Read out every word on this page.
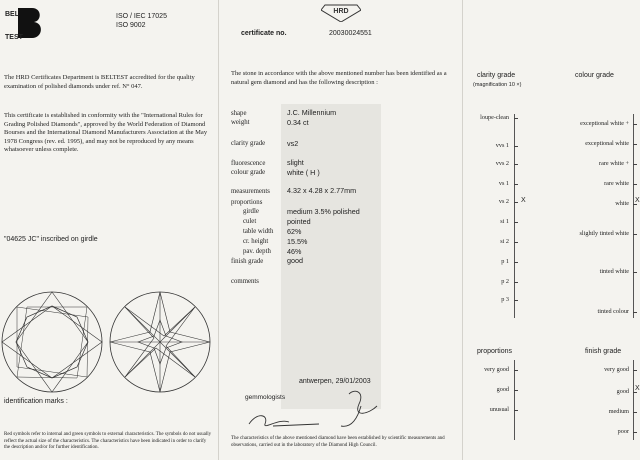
BEL
TEST
ISO / IEC 17025
ISO 9002
The HRD Certificates Department is BELTEST accredited for the quality examination of polished diamonds under ref. N° 047.
This certificate is established in conformity with the "International Rules for Grading Polished Diamonds", approved by the World Federation of Diamond Bourses and the International Diamond Manufacturers Association at the May 1978 Congress (rev. ed. 1995), and may not be reproduced by any means whatsoever unless complete.
"04625 JC" inscribed on girdle
identification marks :
Red symbols refer to internal and green symbols to external characteristics. The symbols do not usually reflect the actual size of the characteristics. The characteristics have been indicated in order to clarify the description and/or for further identification.
HRD
certificate no.	20030024551
The stone in accordance with the above mentioned number has been identified as a natural gem diamond and has the following description :
shape	J.C. Millennium
weight	0.34 ct
clarity grade	vs2
fluorescence	slight
colour grade	white ( H )
measurements 4.32 x 4.28 x 2.77mm
proportions
girdle	medium 3.5% polished
culet	pointed
table width 62%
cr. height	15.5%
pav. depth 46%
finish grade	good
comments
antwerpen, 29/01/2003
gemmologists
The characteristics of the above mentioned diamond have been established by scientific measurements and observations, carried out in the laboratory of the Diamond High Council.
clarity grade
(magnification 10 ×)
colour grade
loupe-clean
vvs 1
vvs 2
vs 1
vs 2
si 1
si 2
p 1
p 2
p 3
exceptional white +
exceptional white
rare white +
rare white
white
slightly tinted white
tinted white
tinted colour
X	X
proportions	finish grade
very good
good
unusual
very good
good
medium
poor
X
